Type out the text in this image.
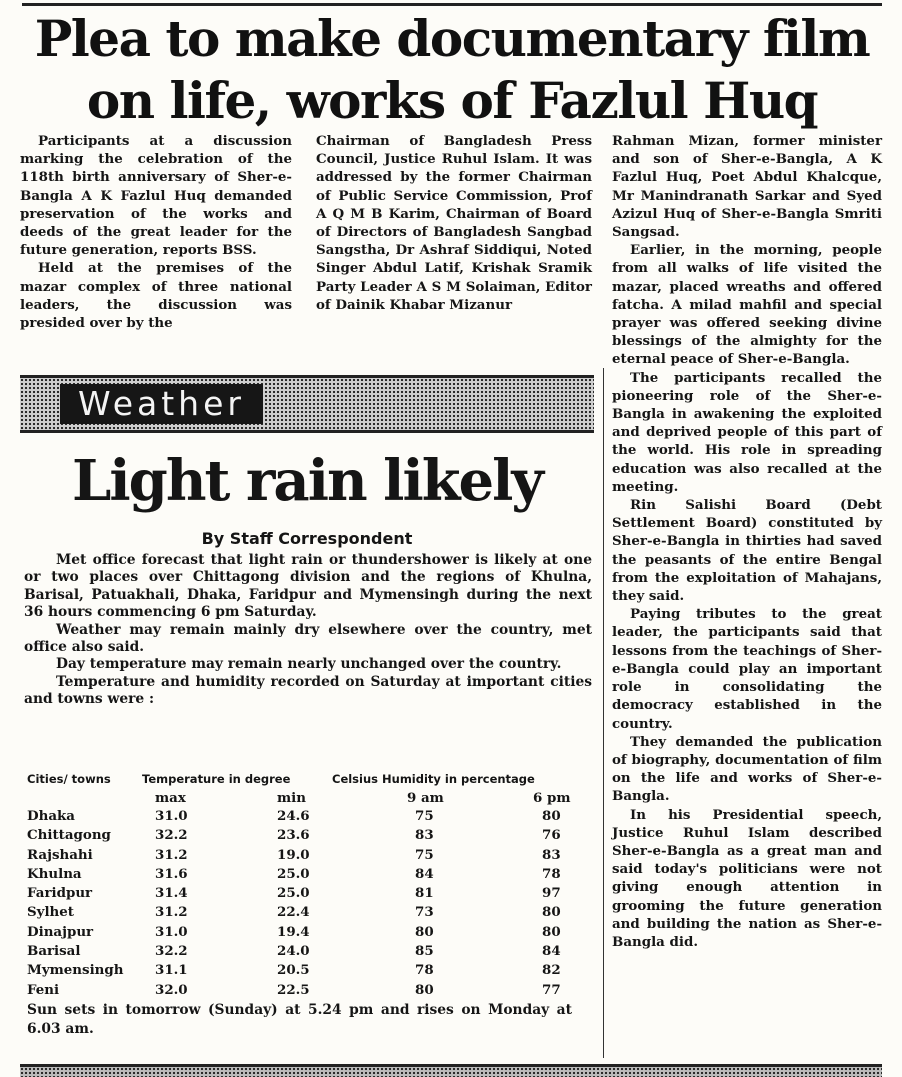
Plea to make documentary film
on life, works of Fazlul Huq

Participants at a discussion marking the celebration of the 118th birth anniversary of Sher-e-Bangla A K Fazlul Huq demanded preservation of the works and deeds of the great leader for the future generation, reports BSS.

Held at the premises of the mazar complex of three national leaders, the discussion was presided over by the

Chairman of Bangladesh Press Council, Justice Ruhul Islam. It was addressed by the former Chairman of Public Service Commission, Prof A Q M B Karim, Chairman of Board of Directors of Bangladesh Sangbad Sangstha, Dr Ashraf Siddiqui, Noted Singer Abdul Latif, Krishak Sramik Party Leader A S M Solaiman, Editor of Dainik Khabar Mizanur

Rahman Mizan, former minister and son of Sher-e-Bangla, A K Fazlul Huq, Poet Abdul Khalcque, Mr Manindranath Sarkar and Syed Azizul Huq of Sher-e-Bangla Smriti Sangsad.

Earlier, in the morning, people from all walks of life visited the mazar, placed wreaths and offered fatcha. A milad mahfil and special prayer was offered seeking divine blessings of the almighty for the eternal peace of Sher-e-Bangla.

The participants recalled the pioneering role of the Sher-e-Bangla in awakening the exploited and deprived people of this part of the world. His role in spreading education was also recalled at the meeting.

Rin Salishi Board (Debt Settlement Board) constituted by Sher-e-Bangla in thirties had saved the peasants of the entire Bengal from the exploitation of Mahajans, they said.

Paying tributes to the great leader, the participants said that lessons from the teachings of Sher-e-Bangla could play an important role in consolidating the democracy established in the country.

They demanded the publication of biography, documentation of film on the life and works of Sher-e-Bangla.

In his Presidential speech, Justice Ruhul Islam described Sher-e-Bangla as a great man and said today's politicians were not giving enough attention in grooming the future generation and building the nation as Sher-e-Bangla did.

Weather
Light rain likely
By Staff Correspondent

Met office forecast that light rain or thundershower is likely at one or two places over Chittagong division and the regions of Khulna, Barisal, Patuakhali, Dhaka, Faridpur and Mymensingh during the next 36 hours commencing 6 pm Saturday.

Weather may remain mainly dry elsewhere over the country, met office also said.

Day temperature may remain nearly unchanged over the country.

Temperature and humidity recorded on Saturday at important cities and towns were :

Cities/ towns	Temperature in degree	Celsius Humidity in percentage
max	min	9 am	6 pm
Dhaka	31.0	24.6	75	80
Chittagong	32.2	23.6	83	76
Rajshahi	31.2	19.0	75	83
Khulna	31.6	25.0	84	78
Faridpur	31.4	25.0	81	97
Sylhet	31.2	22.4	73	80
Dinajpur	31.0	19.4	80	80
Barisal	32.2	24.0	85	84
Mymensingh 31.1	20.5	78	82
Feni	32.0	22.5	80	77
Sun sets in tomorrow (Sunday) at 5.24 pm and rises on Monday at 6.03 am.
